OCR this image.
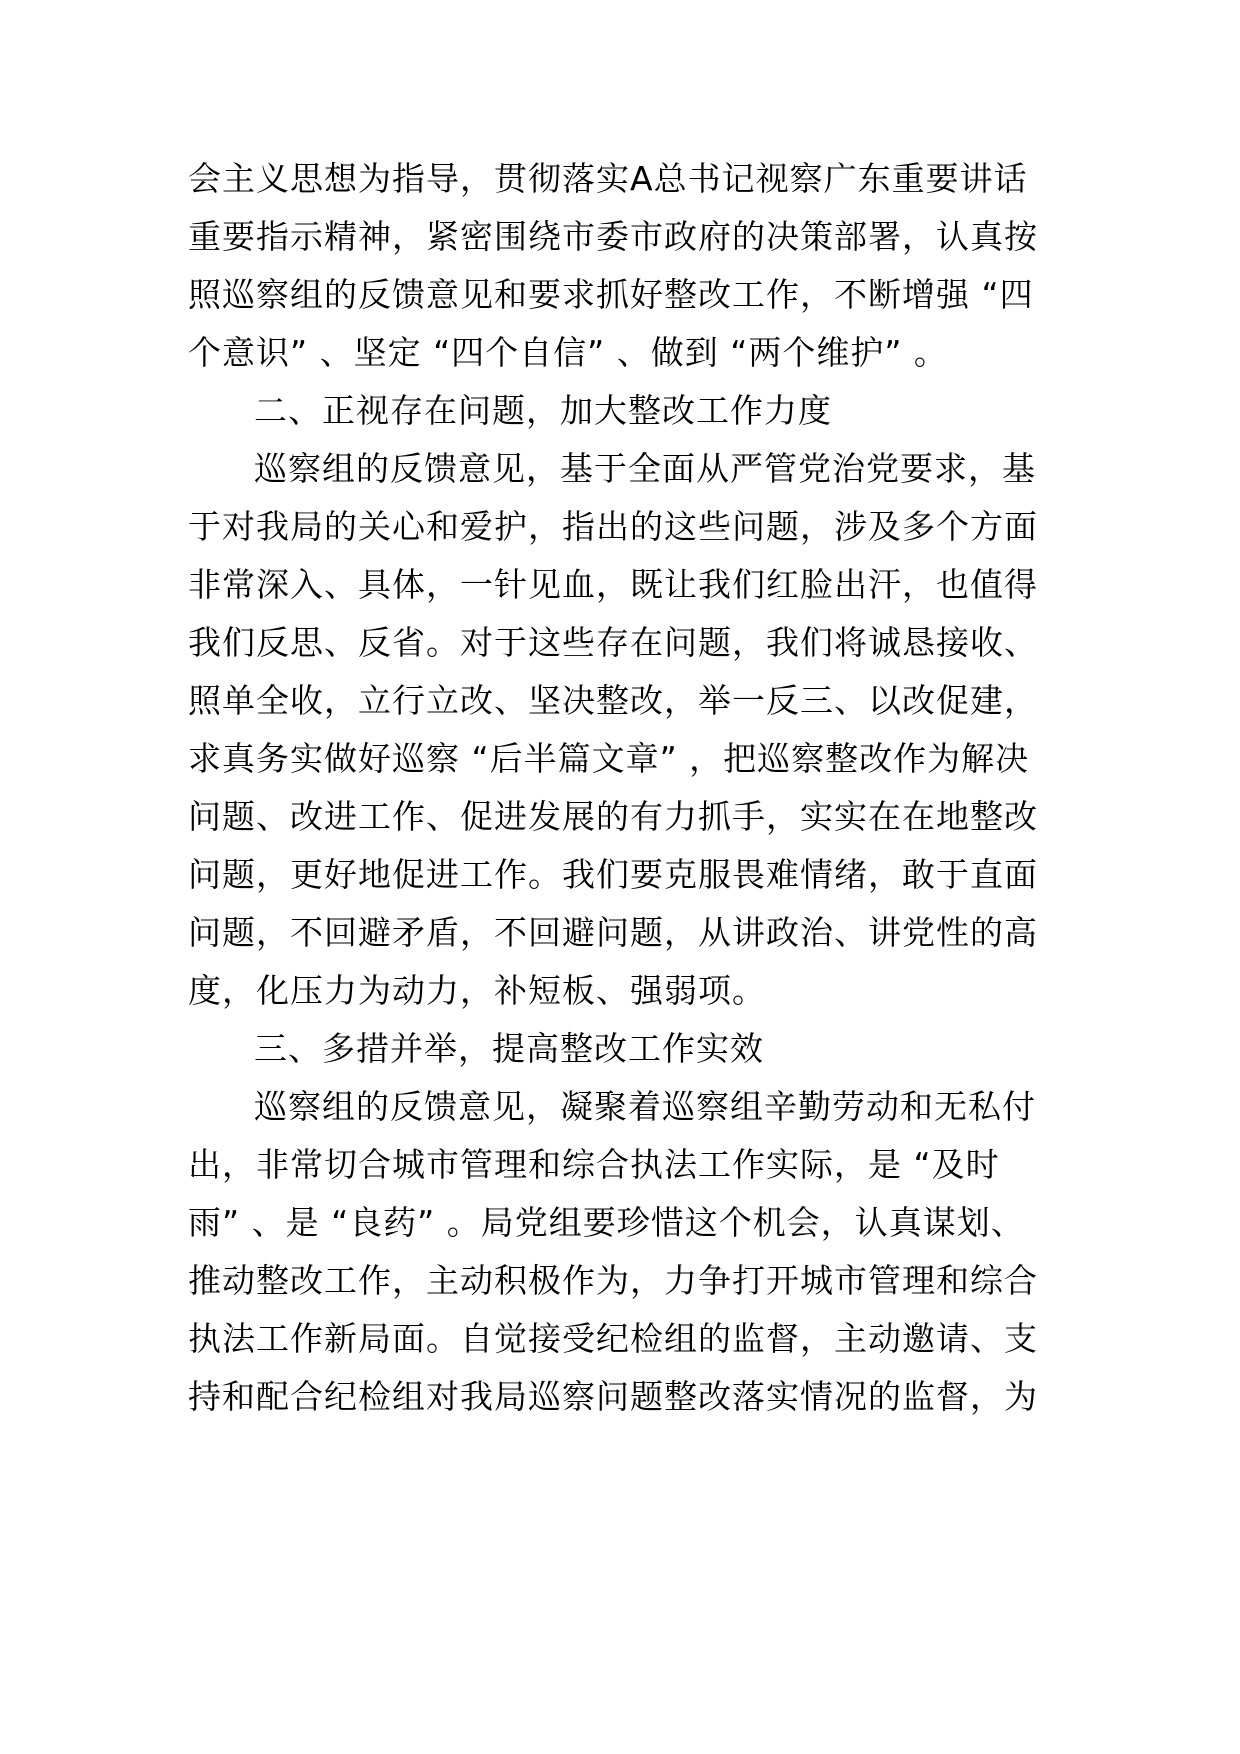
会主义思想为指导，贯彻落实A总书记视察广东重要讲话
重要指示精神，紧密围绕市委市政府的决策部署，认真按
照巡察组的反馈意见和要求抓好整改工作，不断增强 “四
个意识” 、坚定 “四个自信” 、做到 “两个维护” 。
二、正视存在问题，加大整改工作力度
巡察组的反馈意见，基于全面从严管党治党要求，基
于对我局的关心和爱护，指出的这些问题，涉及多个方面
非常深入、具体，一针见血，既让我们红脸出汗，也值得
我们反思、反省。对于这些存在问题，我们将诚恳接收、
照单全收，立行立改、坚决整改，举一反三、以改促建，
求真务实做好巡察 “后半篇文章” ，把巡察整改作为解决
问题、改进工作、促进发展的有力抓手，实实在在地整改
问题，更好地促进工作。我们要克服畏难情绪，敢于直面
问题，不回避矛盾，不回避问题，从讲政治、讲党性的高
度，化压力为动力，补短板、强弱项。
三、多措并举，提高整改工作实效
巡察组的反馈意见，凝聚着巡察组辛勤劳动和无私付
出，非常切合城市管理和综合执法工作实际，是 “及时
雨” 、是 “良药” 。局党组要珍惜这个机会，认真谋划、
推动整改工作，主动积极作为，力争打开城市管理和综合
执法工作新局面。自觉接受纪检组的监督，主动邀请、支
持和配合纪检组对我局巡察问题整改落实情况的监督，为
